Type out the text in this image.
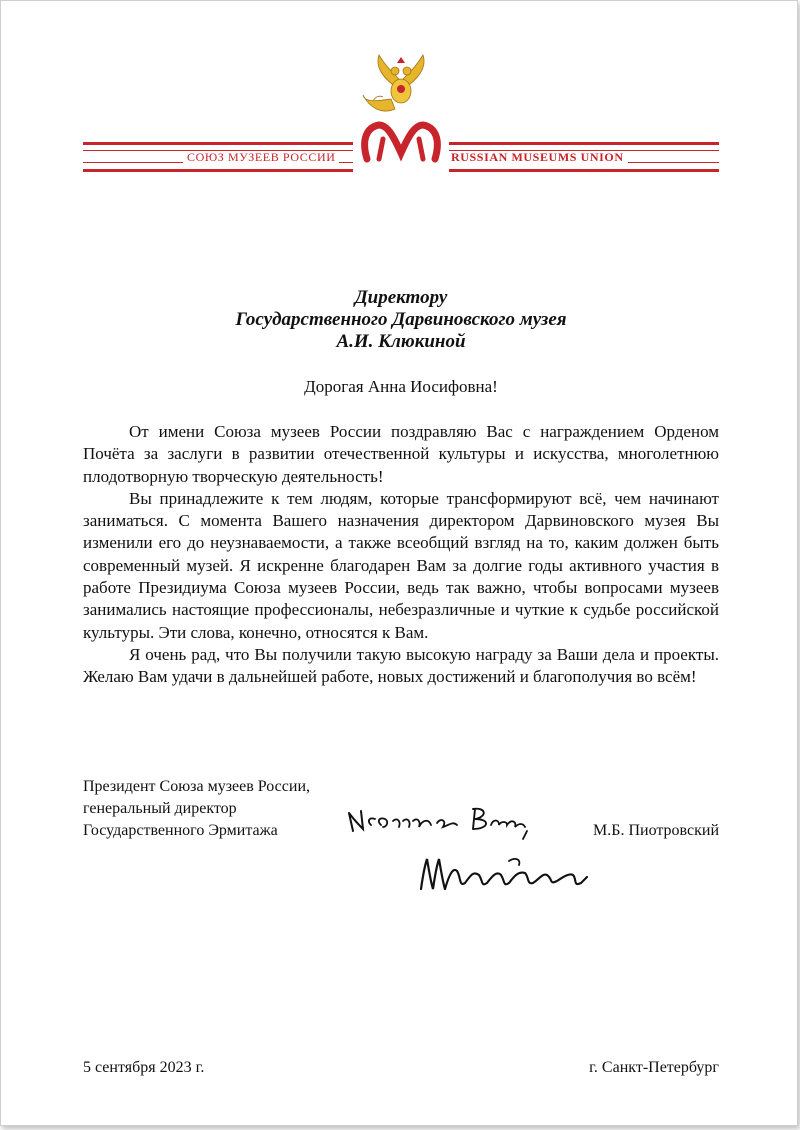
СОЮЗ МУЗЕЕВ РОССИИ	RUSSIAN MUSEUMS UNION
Директору
Государственного Дарвиновского музея
А.И. Клюкиной
Дорогая Анна Иосифовна!

От имени Союза музеев России поздравляю Вас с награждением Орденом Почёта за заслуги в развитии отечественной культуры и искусства, многолетнюю плодотворную творческую деятельность!

Вы принадлежите к тем людям, которые трансформируют всё, чем начинают заниматься. С момента Вашего назначения директором Дарвиновского музея Вы изменили его до неузнаваемости, а также всеобщий взгляд на то, каким должен быть современный музей. Я искренне благодарен Вам за долгие годы активного участия в работе Президиума Союза музеев России, ведь так важно, чтобы вопросами музеев занимались настоящие профессионалы, небезразличные и чуткие к судьбе российской культуры. Эти слова, конечно, относятся к Вам.

Я очень рад, что Вы получили такую высокую награду за Ваши дела и проекты. Желаю Вам удачи в дальнейшей работе, новых достижений и благополучия во всём!

Президент Союза музеев России,
генеральный директор
Государственного Эрмитажа	М.Б. Пиотровский
5 сентября 2023 г.	г. Санкт-Петербург
